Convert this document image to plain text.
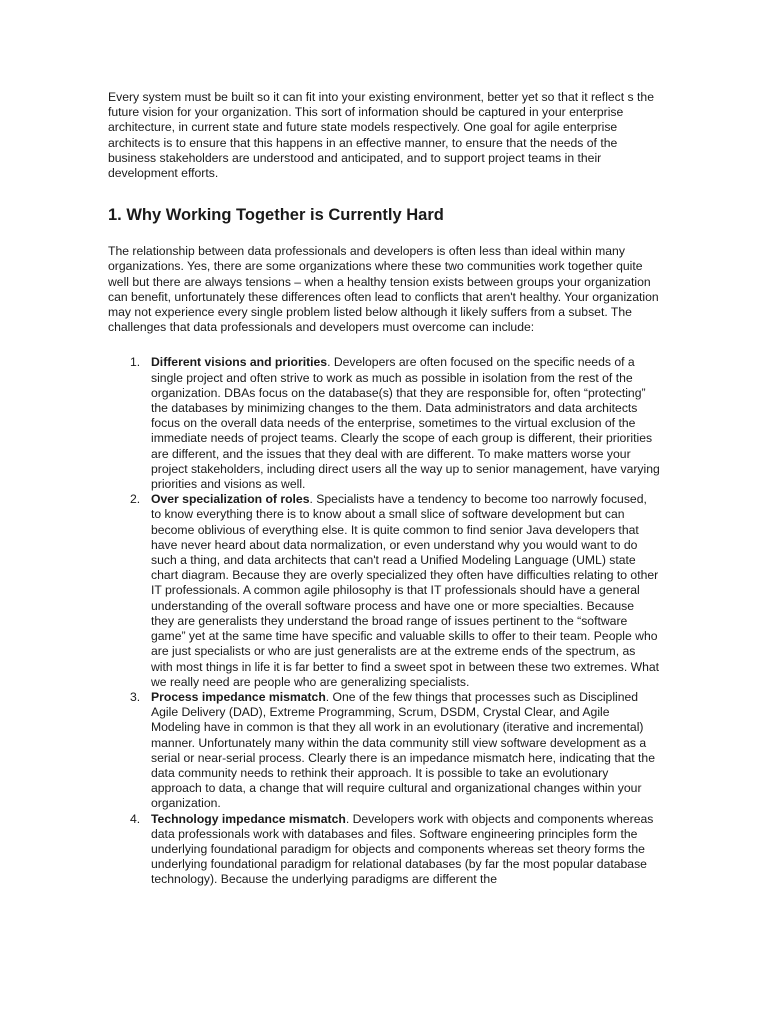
Every system must be built so it can fit into your existing environment, better yet so that it reflect s the future vision for your organization. This sort of information should be captured in your enterprise architecture, in current state and future state models respectively. One goal for agile enterprise architects is to ensure that this happens in an effective manner, to ensure that the needs of the business stakeholders are understood and anticipated, and to support project teams in their development efforts.

1. Why Working Together is Currently Hard

The relationship between data professionals and developers is often less than ideal within many organizations. Yes, there are some organizations where these two communities work together quite well but there are always tensions – when a healthy tension exists between groups your organization can benefit, unfortunately these differences often lead to conflicts that aren't healthy. Your organization may not experience every single problem listed below although it likely suffers from a subset. The challenges that data professionals and developers must overcome can include:

1. Different visions and priorities. Developers are often focused on the specific needs of a single project and often strive to work as much as possible in isolation from the rest of the organization. DBAs focus on the database(s) that they are responsible for, often “protecting” the databases by minimizing changes to the them. Data administrators and data architects focus on the overall data needs of the enterprise, sometimes to the virtual exclusion of the immediate needs of project teams. Clearly the scope of each group is different, their priorities are different, and the issues that they deal with are different. To make matters worse your project stakeholders, including direct users all the way up to senior management, have varying priorities and visions as well.
2. Over specialization of roles. Specialists have a tendency to become too narrowly focused, to know everything there is to know about a small slice of software development but can become oblivious of everything else. It is quite common to find senior Java developers that have never heard about data normalization, or even understand why you would want to do such a thing, and data architects that can't read a Unified Modeling Language (UML) state chart diagram. Because they are overly specialized they often have difficulties relating to other IT professionals. A common agile philosophy is that IT professionals should have a general understanding of the overall software process and have one or more specialties. Because they are generalists they understand the broad range of issues pertinent to the “software game” yet at the same time have specific and valuable skills to offer to their team. People who are just specialists or who are just generalists are at the extreme ends of the spectrum, as with most things in life it is far better to find a sweet spot in between these two extremes. What we really need are people who are generalizing specialists.
3. Process impedance mismatch. One of the few things that processes such as Disciplined Agile Delivery (DAD), Extreme Programming, Scrum, DSDM, Crystal Clear, and Agile Modeling have in common is that they all work in an evolutionary (iterative and incremental) manner. Unfortunately many within the data community still view software development as a serial or near-serial process. Clearly there is an impedance mismatch here, indicating that the data community needs to rethink their approach. It is possible to take an evolutionary approach to data, a change that will require cultural and organizational changes within your organization.
4. Technology impedance mismatch. Developers work with objects and components whereas data professionals work with databases and files. Software engineering principles form the underlying foundational paradigm for objects and components whereas set theory forms the underlying foundational paradigm for relational databases (by far the most popular database technology). Because the underlying paradigms are different the
